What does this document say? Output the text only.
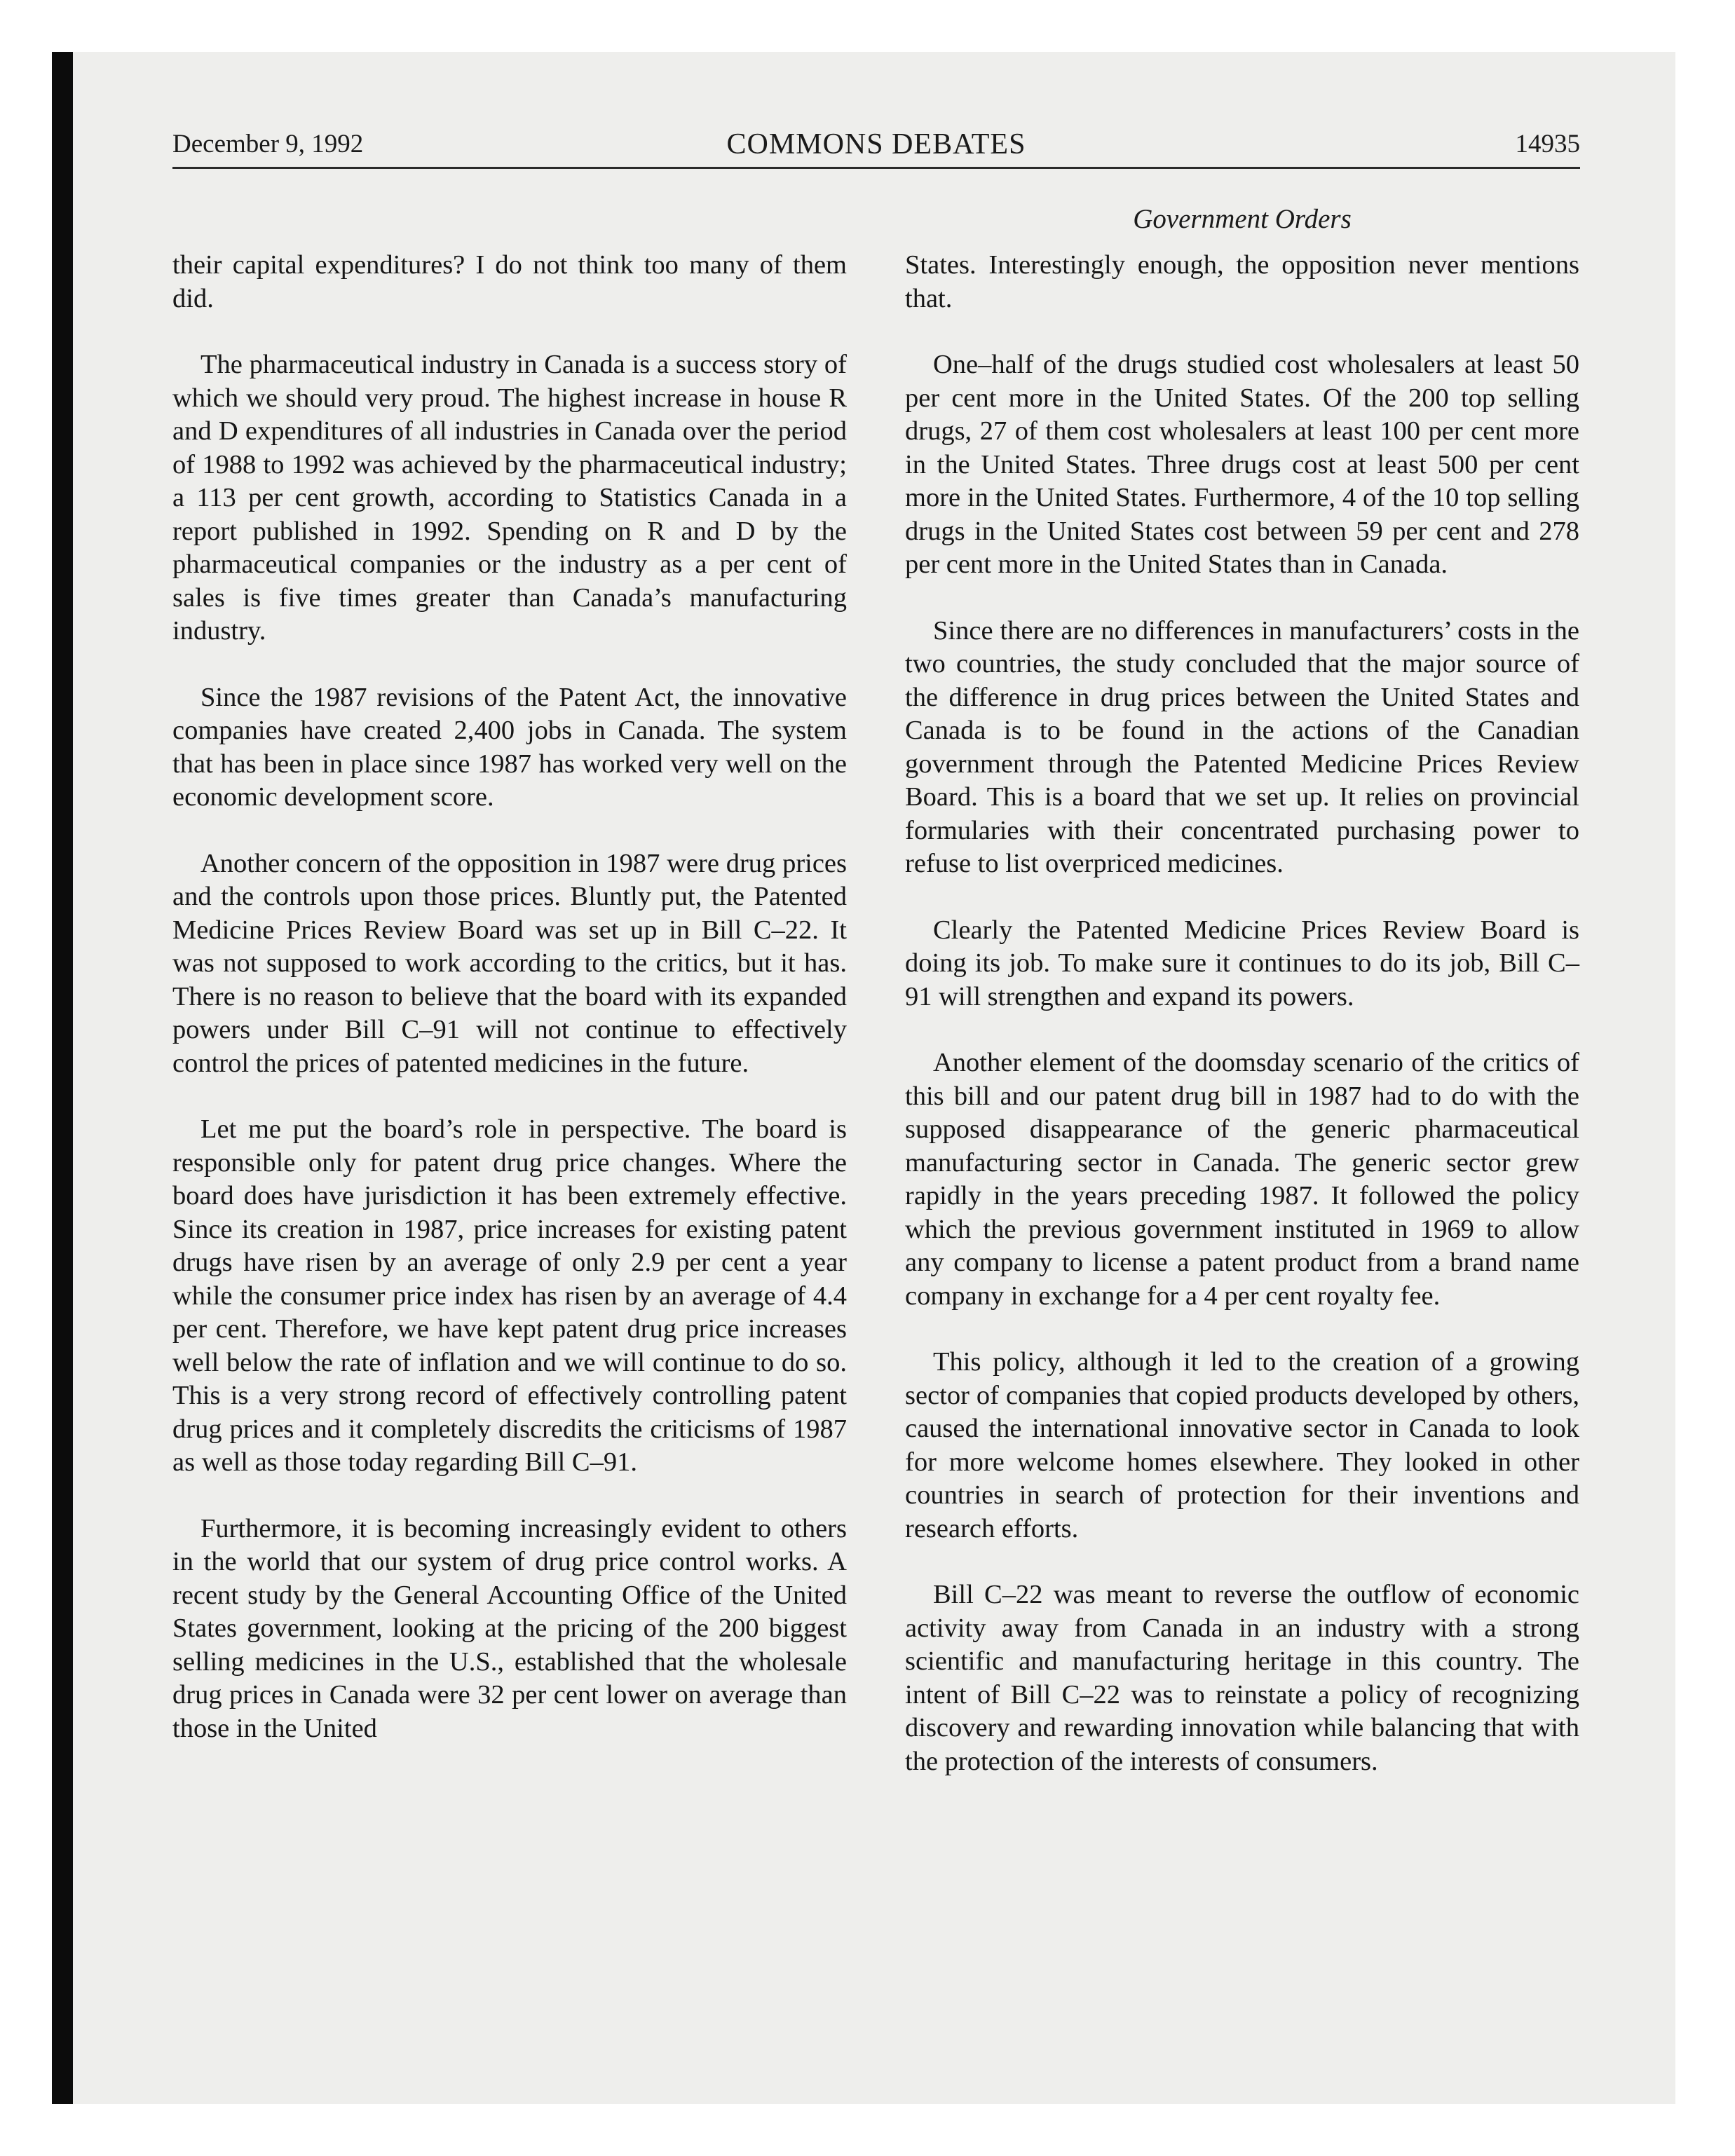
December 9, 1992	COMMONS DEBATES	14935
Government Orders

their capital expenditures? I do not think too many of them did.

The pharmaceutical industry in Canada is a success story of which we should very proud. The highest increase in house R and D expenditures of all industries in Canada over the period of 1988 to 1992 was achieved by the pharmaceutical industry; a 113 per cent growth, according to Statistics Canada in a report published in 1992. Spending on R and D by the pharmaceutical companies or the industry as a per cent of sales is five times greater than Canada’s manufacturing industry.

Since the 1987 revisions of the Patent Act, the innovative companies have created 2,400 jobs in Canada. The system that has been in place since 1987 has worked very well on the economic development score.

Another concern of the opposition in 1987 were drug prices and the controls upon those prices. Bluntly put, the Patented Medicine Prices Review Board was set up in Bill C–22. It was not supposed to work according to the critics, but it has. There is no reason to believe that the board with its expanded powers under Bill C–91 will not continue to effectively control the prices of patented medicines in the future.

Let me put the board’s role in perspective. The board is responsible only for patent drug price changes. Where the board does have jurisdiction it has been extremely effective. Since its creation in 1987, price increases for existing patent drugs have risen by an average of only 2.9 per cent a year while the consumer price index has risen by an average of 4.4 per cent. Therefore, we have kept patent drug price increases well below the rate of inflation and we will continue to do so. This is a very strong record of effectively controlling patent drug prices and it completely discredits the criticisms of 1987 as well as those today regarding Bill C–91.

Furthermore, it is becoming increasingly evident to others in the world that our system of drug price control works. A recent study by the General Accounting Office of the United States government, looking at the pricing of the 200 biggest selling medicines in the U.S., established that the wholesale drug prices in Canada were 32 per cent lower on average than those in the United

States. Interestingly enough, the opposition never mentions that.

One–half of the drugs studied cost wholesalers at least 50 per cent more in the United States. Of the 200 top selling drugs, 27 of them cost wholesalers at least 100 per cent more in the United States. Three drugs cost at least 500 per cent more in the United States. Furthermore, 4 of the 10 top selling drugs in the United States cost between 59 per cent and 278 per cent more in the United States than in Canada.

Since there are no differences in manufacturers’ costs in the two countries, the study concluded that the major source of the difference in drug prices between the United States and Canada is to be found in the actions of the Canadian government through the Patented Medicine Prices Review Board. This is a board that we set up. It relies on provincial formularies with their concentrated purchasing power to refuse to list overpriced medicines.

Clearly the Patented Medicine Prices Review Board is doing its job. To make sure it continues to do its job, Bill C–91 will strengthen and expand its powers.

Another element of the doomsday scenario of the critics of this bill and our patent drug bill in 1987 had to do with the supposed disappearance of the generic pharmaceutical manufacturing sector in Canada. The generic sector grew rapidly in the years preceding 1987. It followed the policy which the previous government instituted in 1969 to allow any company to license a patent product from a brand name company in exchange for a 4 per cent royalty fee.

This policy, although it led to the creation of a growing sector of companies that copied products developed by others, caused the international innovative sector in Canada to look for more welcome homes elsewhere. They looked in other countries in search of protection for their inventions and research efforts.

Bill C–22 was meant to reverse the outflow of economic activity away from Canada in an industry with a strong scientific and manufacturing heritage in this country. The intent of Bill C–22 was to reinstate a policy of recognizing discovery and rewarding innovation while balancing that with the protection of the interests of consumers.
